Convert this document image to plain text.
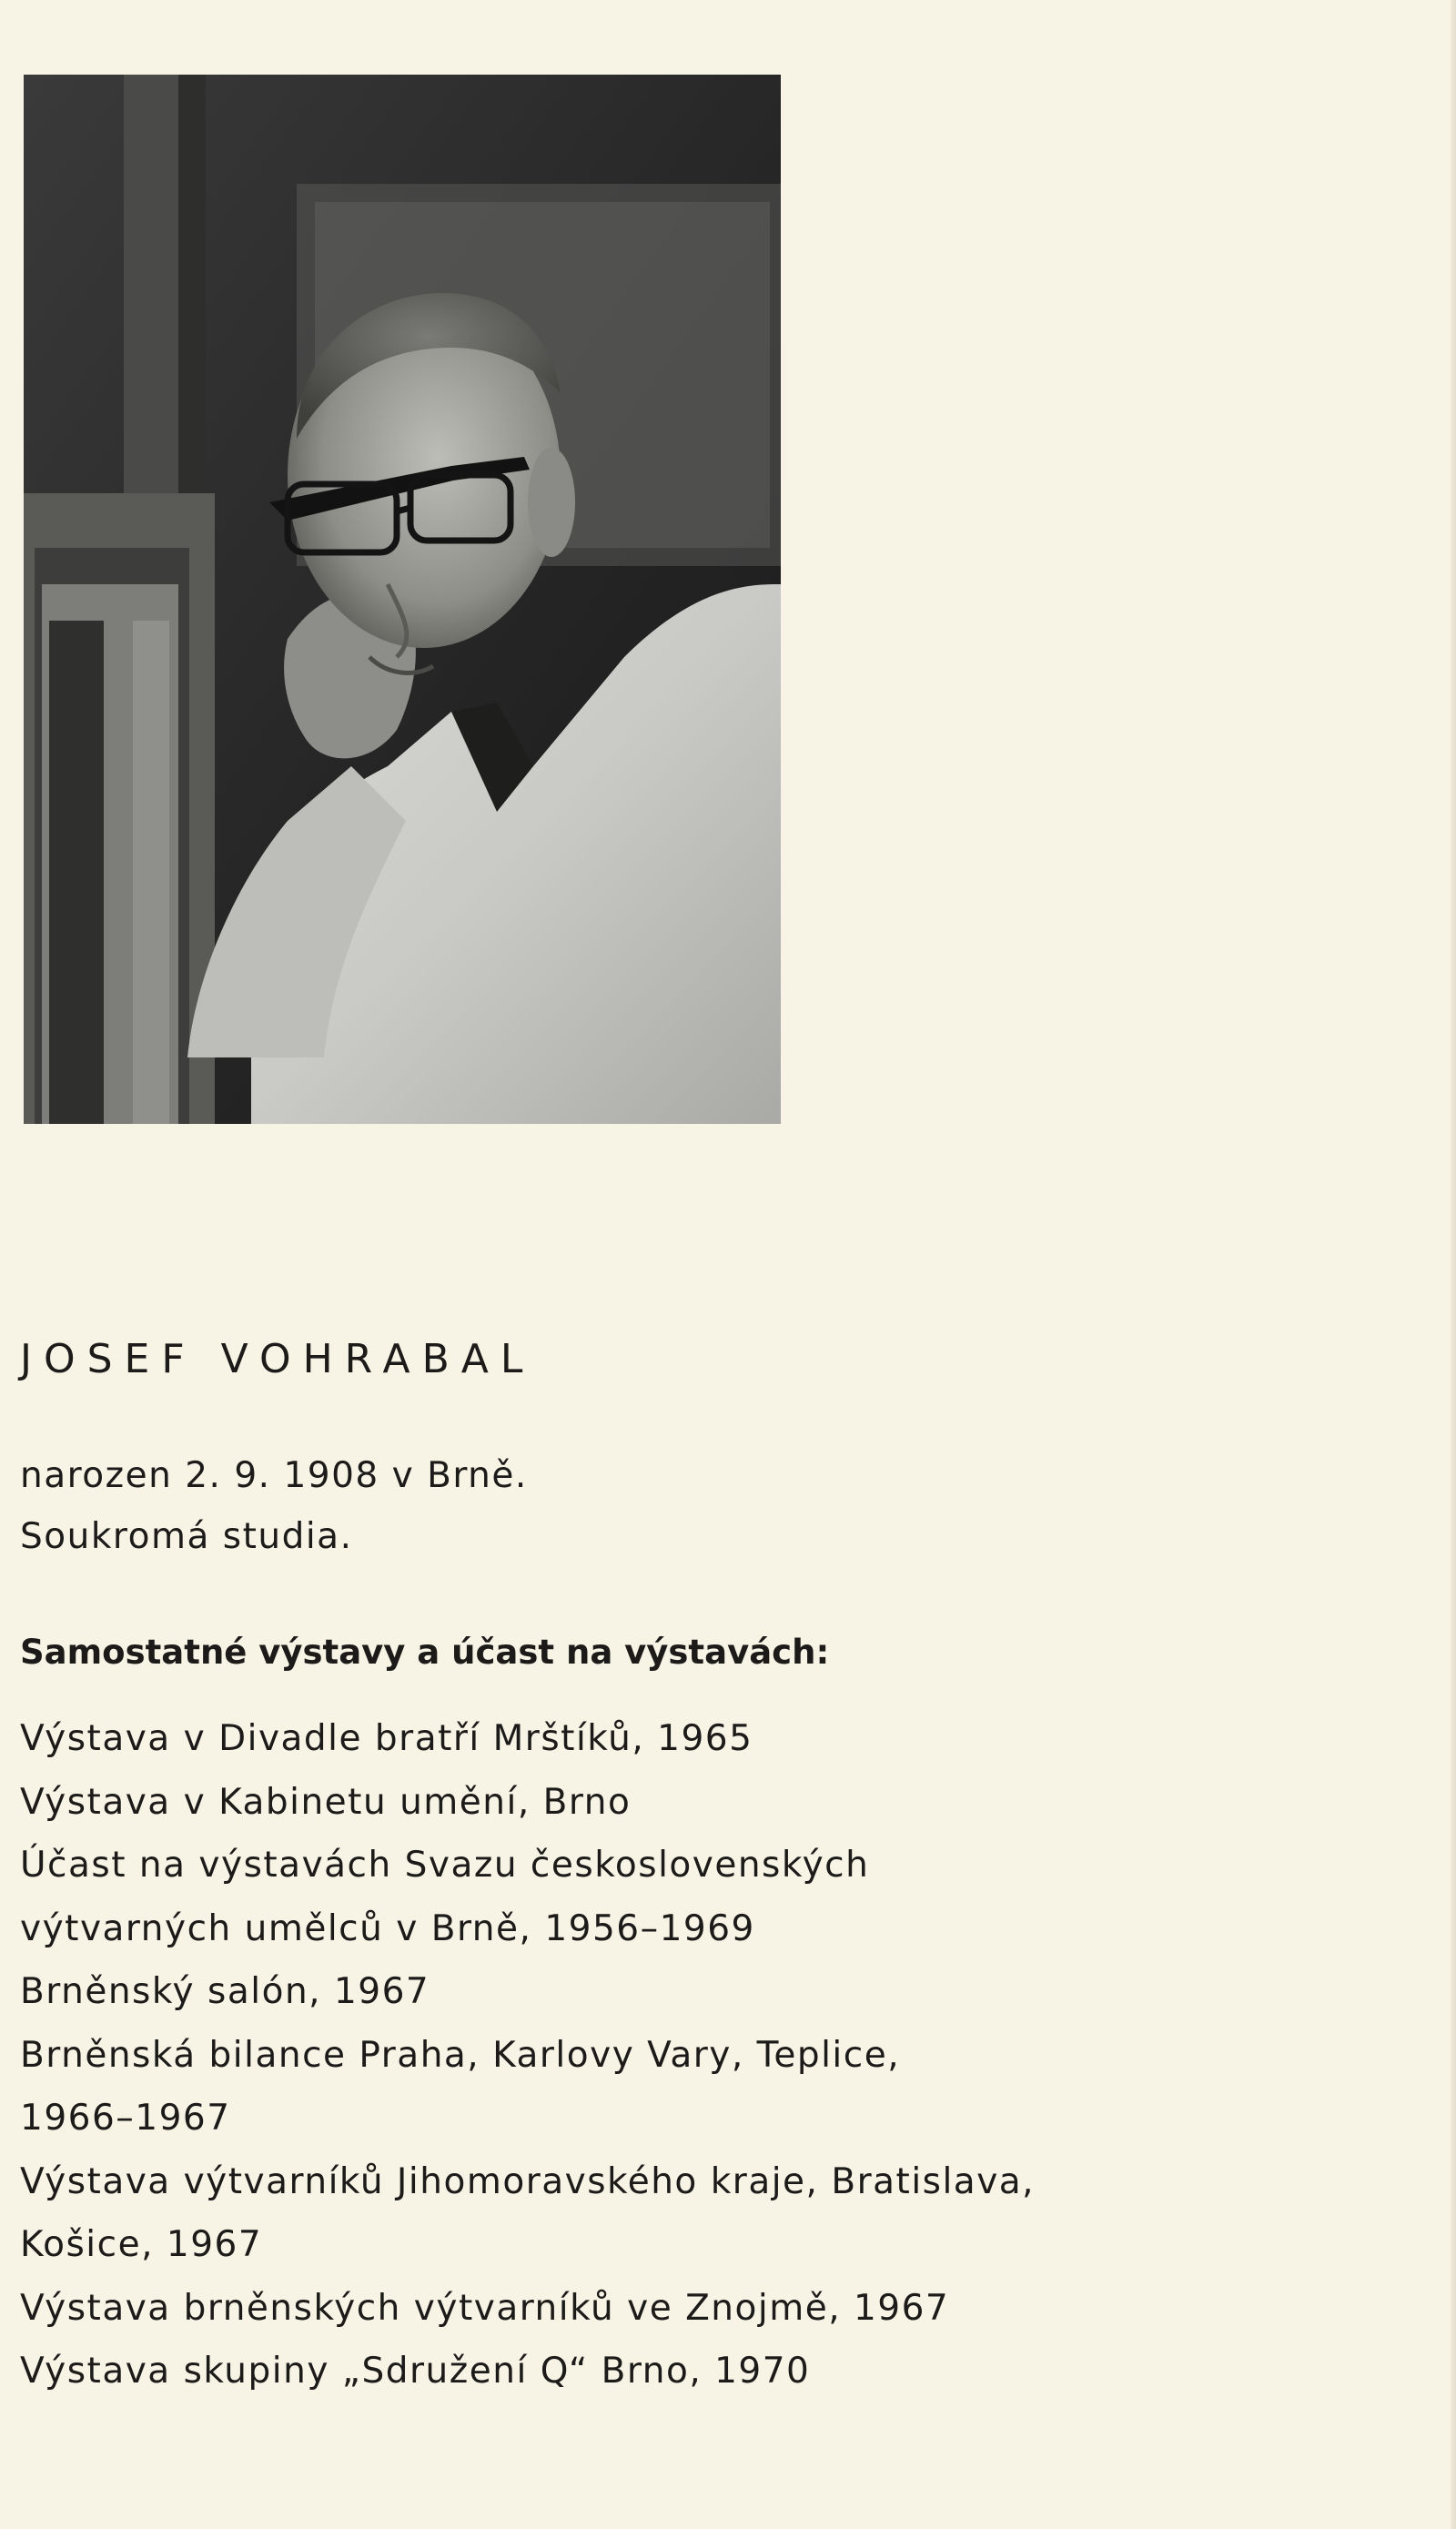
JOSEF VOHRABAL
narozen 2. 9. 1908 v Brně.
Soukromá studia.
Samostatné výstavy a účast na výstavách:
Výstava v Divadle bratří Mrštíků, 1965
Výstava v Kabinetu umění, Brno
Účast na výstavách Svazu československých
výtvarných umělců v Brně, 1956–1969
Brněnský salón, 1967
Brněnská bilance Praha, Karlovy Vary, Teplice,
1966–1967
Výstava výtvarníků Jihomoravského kraje, Bratislava,
Košice, 1967
Výstava brněnských výtvarníků ve Znojmě, 1967
Výstava skupiny „Sdružení Q“ Brno, 1970
